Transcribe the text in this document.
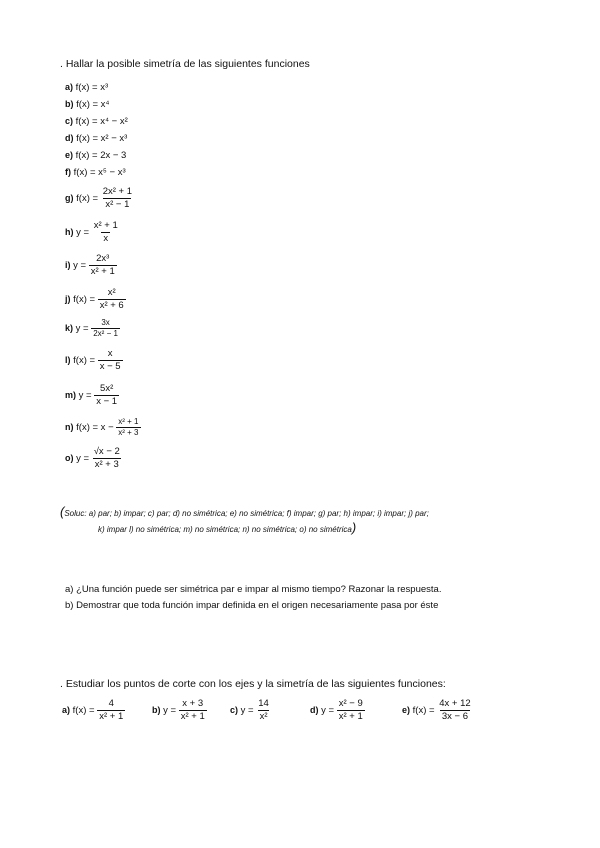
. Hallar la posible simetría de las siguientes funciones
a) f(x) = x³
b) f(x) = x⁴
c) f(x) = x⁴ − x²
d) f(x) = x² − x³
e) f(x) = 2x − 3
f) f(x) = x⁵ − x³
g) $f(x) = \frac{\text{2x² + 1}}{\text{x² − 1}}$
h) $y = \frac{\text{x² + 1}}{x}$
i) $y = \frac{\text{2x³}}{\text{x² + 1}}$
j) $f(x) = \frac{\text{x²}}{\text{x² + 6}}$
k) $y = \frac{3x}{\text{2x² − 1}}$
l) $f(x) = \frac{x}{x - 5}$
m) $y = \frac{\text{5x²}}{x - 1}$
n) $f(x) = x - \frac{\text{x² + 1}}{\text{x² + 3}}$
o) $y = \frac{√x - 2}{\text{x² + 3}}$
(Soluc: a) par; b) impar; c) par; d) no simétrica; e) no simétrica; f) impar; g) par; h) impar; i) impar; j) par;
k) impar l) no simétrica; m) no simétrica; n) no simétrica; o) no simétrica)
a) ¿Una función puede ser simétrica par e impar al mismo tiempo? Razonar la respuesta.
b) Demostrar que toda función impar definida en el origen necesariamente pasa por éste
. Estudiar los puntos de corte con los ejes y la simetría de las siguientes funciones:
a) $f(x) = \frac{4}{\text{x² + 1}}$	b) $y = \frac{x + 3}{\text{x² + 1}}$	c) $y = \frac{14}{\text{x²}}$	d) $y = \frac{\text{x² − 9}}{\text{x² + 1}}$	e) $f(x) = \frac{4x + 12}{3x - 6}$
